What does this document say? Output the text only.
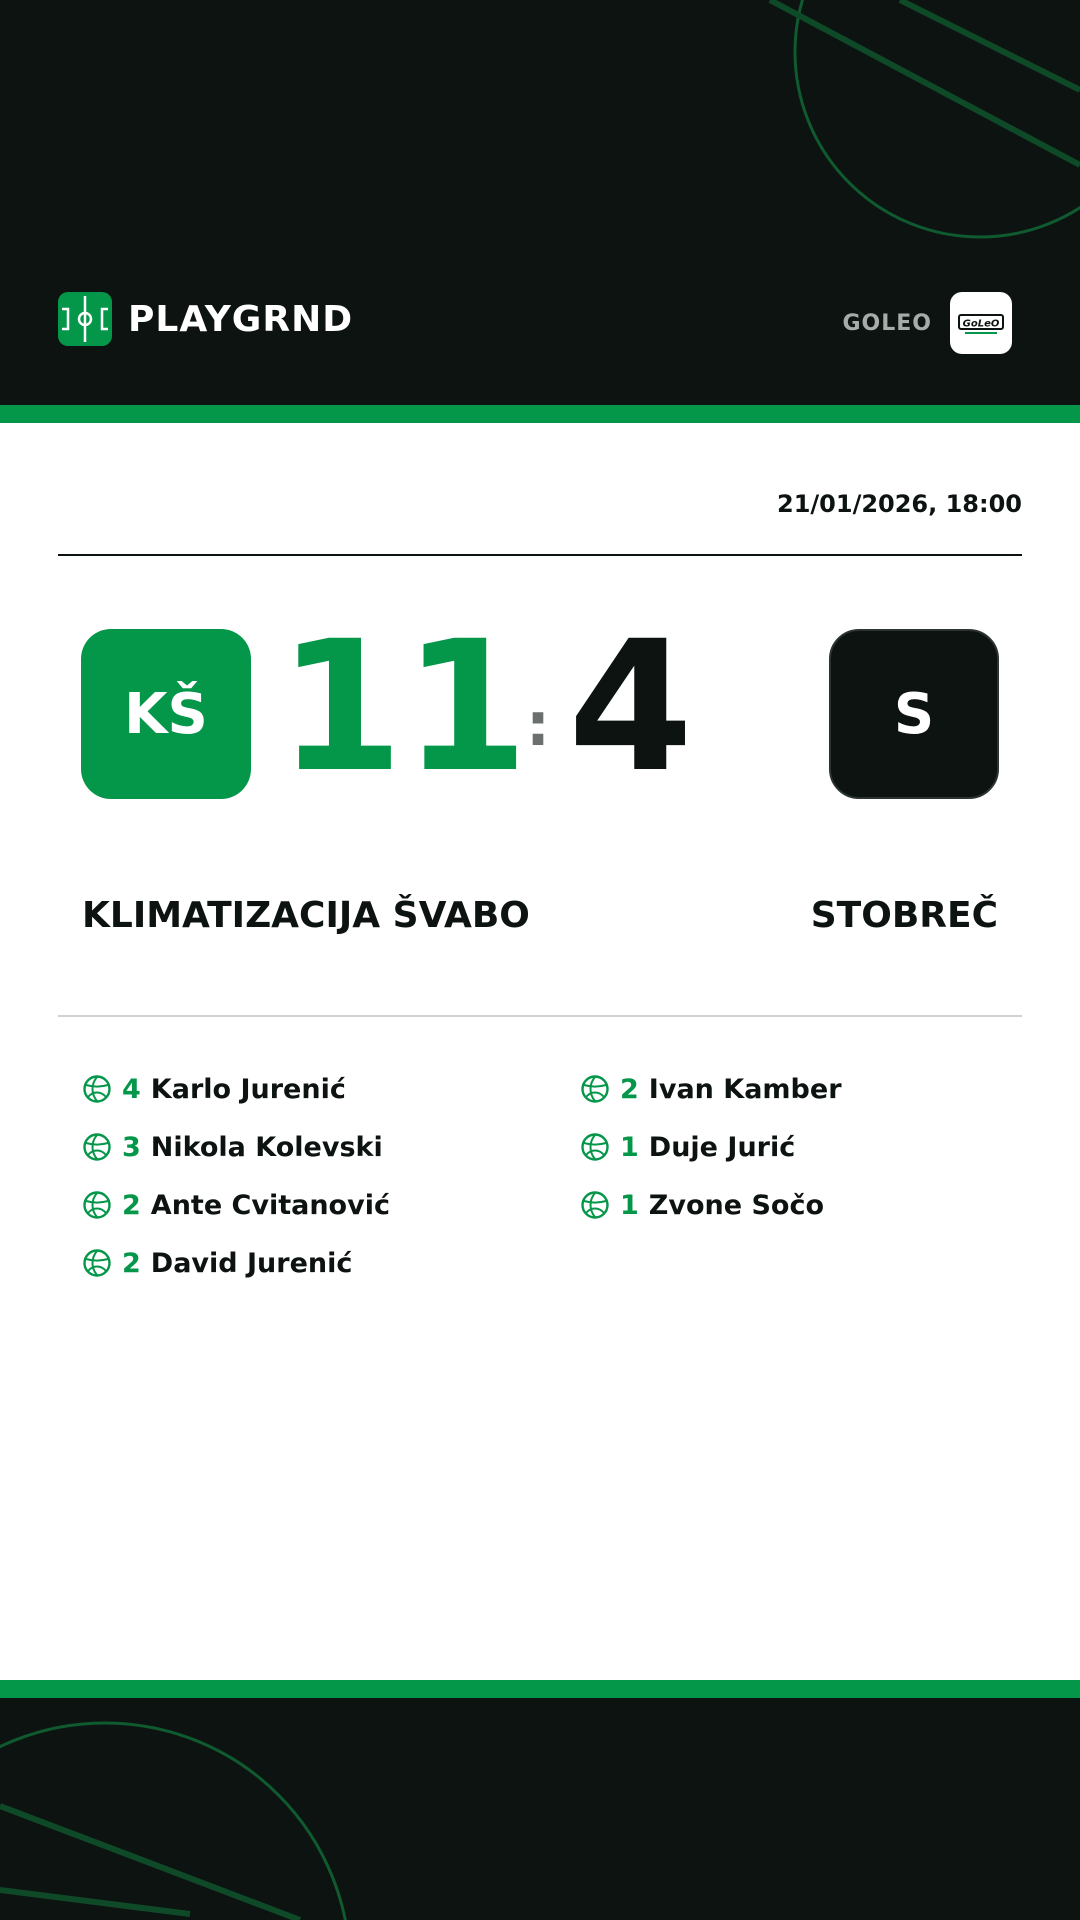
PLAYGRND	GOLEO	GoLeO
21/01/2026, 18:00
KŠ 11
: 4	S
KLIMATIZACIJA ŠVABO	STOBREČ
4 Karlo Jurenić
3 Nikola Kolevski
2 Ante Cvitanović
2 David Jurenić
2 Ivan Kamber
1 Duje Jurić
1 Zvone Sočo
